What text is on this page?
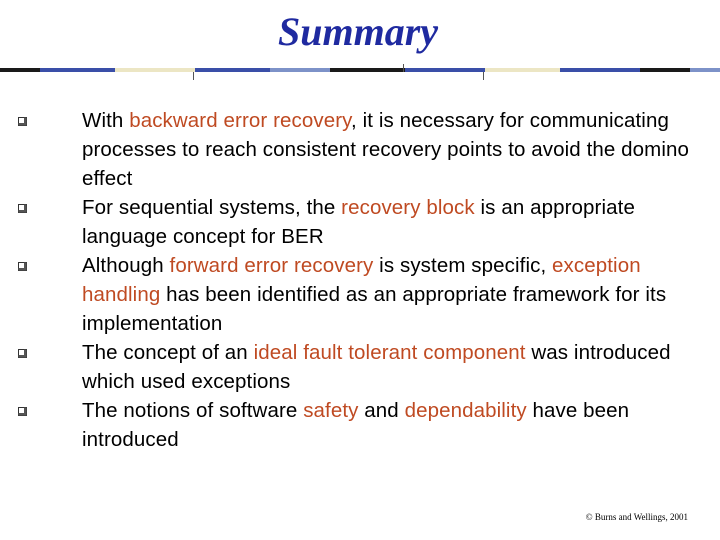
Summary
With backward error recovery, it is necessary for communicating processes to reach consistent recovery points to avoid the domino effect
For sequential systems, the recovery block is an appropriate language concept for BER
Although forward error recovery is system specific, exception handling has been identified as an appropriate framework for its implementation
The concept of an ideal fault tolerant component was introduced which used exceptions
The notions of software safety and dependability have been introduced
© Burns and Wellings, 2001
